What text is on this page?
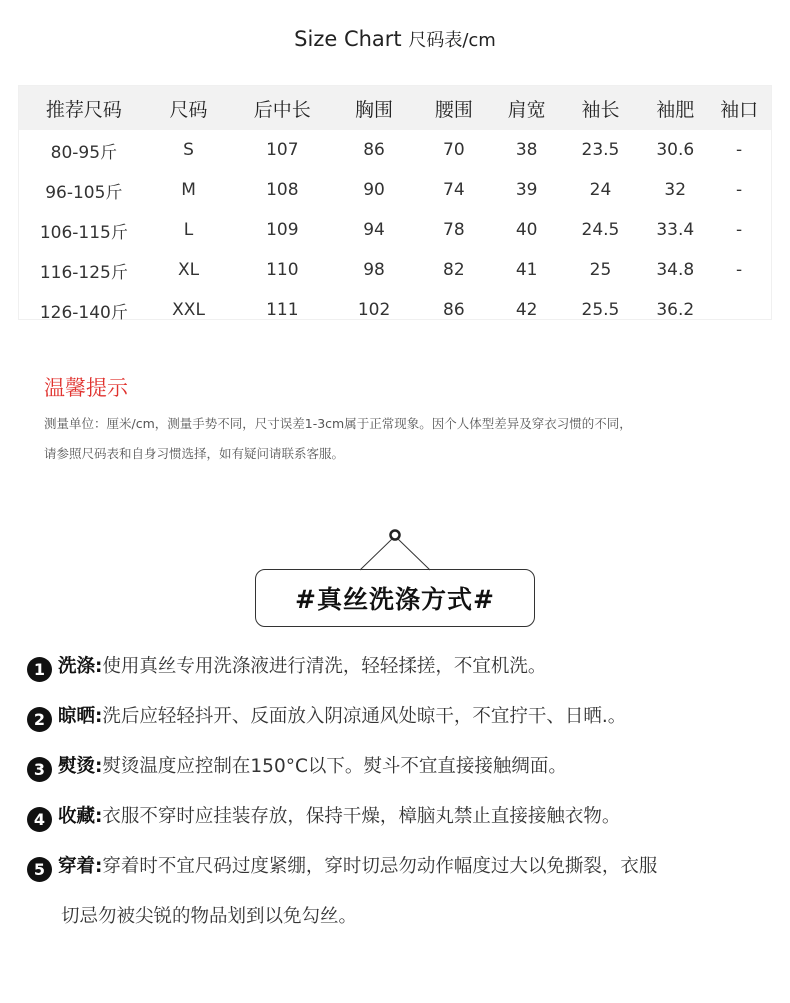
Size Chart 尺码表/cm
推荐尺码	尺码	后中长	胸围	腰围	肩宽	袖长	袖肥	袖口
80-95斤	S	107	86	70	38	23.5	30.6	-
96-105斤	M	108	90	74	39	24	32	-
106-115斤	L	109	94	78	40	24.5	33.4	-
116-125斤	XL	110	98	82	41	25	34.8	-
126-140斤	XXL	111	102	86	42	25.5	36.2
温馨提示
测量单位：厘米/cm，测量手势不同，尺寸误差1-3cm属于正常现象。因个人体型差异及穿衣习惯的不同，
请参照尺码表和自身习惯选择，如有疑问请联系客服。
#真丝洗涤方式#
1 洗涤:使用真丝专用洗涤液进行清洗，轻轻揉搓，不宜机洗。
2 晾晒:洗后应轻轻抖开、反面放入阴凉通风处晾干，不宜拧干、日晒.。
3 熨烫:熨烫温度应控制在150°C以下。熨斗不宜直接接触绸面。
4 收藏:衣服不穿时应挂装存放，保持干燥，樟脑丸禁止直接接触衣物。
5 穿着:穿着时不宜尺码过度紧绷，穿时切忌勿动作幅度过大以免撕裂，衣服
切忌勿被尖锐的物品划到以免勾丝。
